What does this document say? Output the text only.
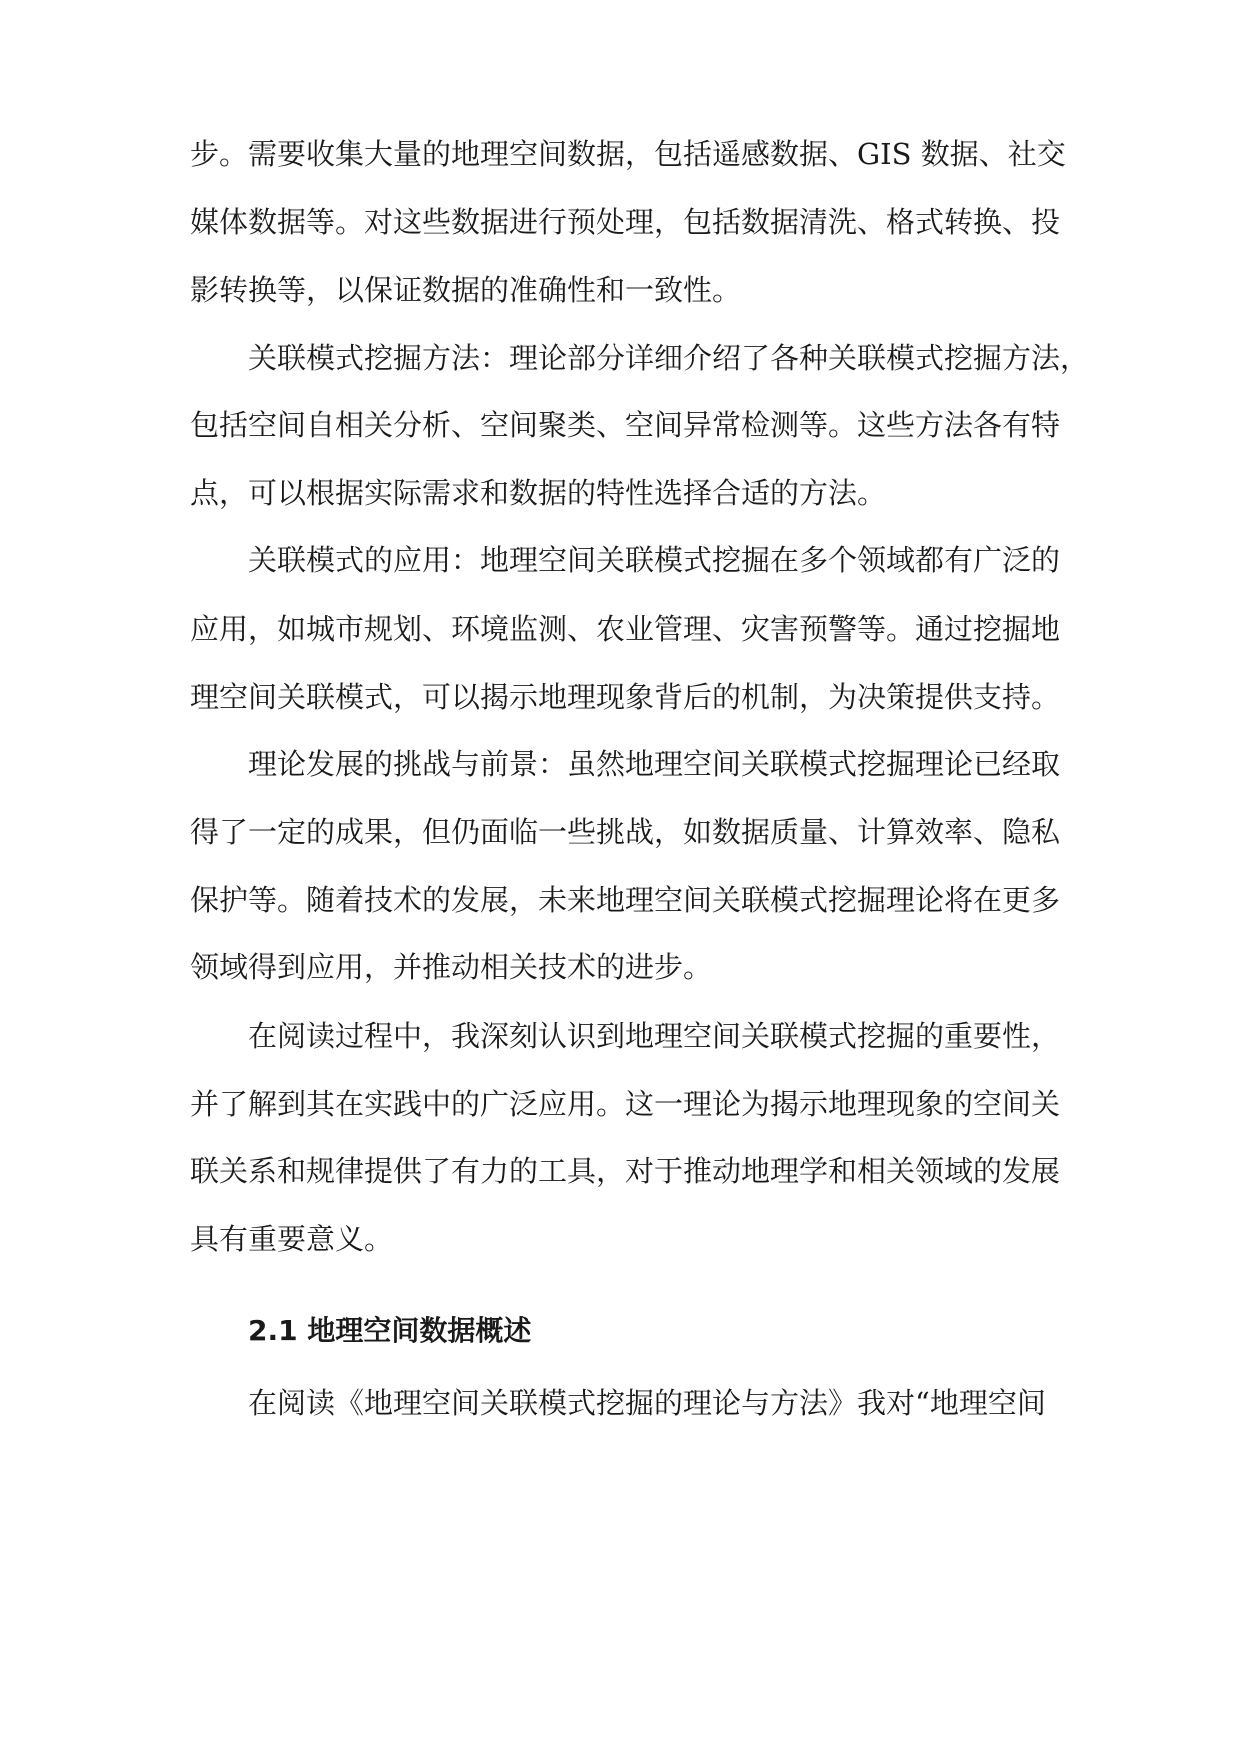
步。需要收集大量的地理空间数据，包括遥感数据、GIS 数据、社交
媒体数据等。对这些数据进行预处理，包括数据清洗、格式转换、投
影转换等，以保证数据的准确性和一致性。
关联模式挖掘方法：理论部分详细介绍了各种关联模式挖掘方法，
包括空间自相关分析、空间聚类、空间异常检测等。这些方法各有特
点，可以根据实际需求和数据的特性选择合适的方法。
关联模式的应用：地理空间关联模式挖掘在多个领域都有广泛的
应用，如城市规划、环境监测、农业管理、灾害预警等。通过挖掘地
理空间关联模式，可以揭示地理现象背后的机制，为决策提供支持。
理论发展的挑战与前景：虽然地理空间关联模式挖掘理论已经取
得了一定的成果，但仍面临一些挑战，如数据质量、计算效率、隐私
保护等。随着技术的发展，未来地理空间关联模式挖掘理论将在更多
领域得到应用，并推动相关技术的进步。
在阅读过程中，我深刻认识到地理空间关联模式挖掘的重要性，
并了解到其在实践中的广泛应用。这一理论为揭示地理现象的空间关
联关系和规律提供了有力的工具，对于推动地理学和相关领域的发展
具有重要意义。
2.1 地理空间数据概述
在阅读《地理空间关联模式挖掘的理论与方法》我对“地理空间
